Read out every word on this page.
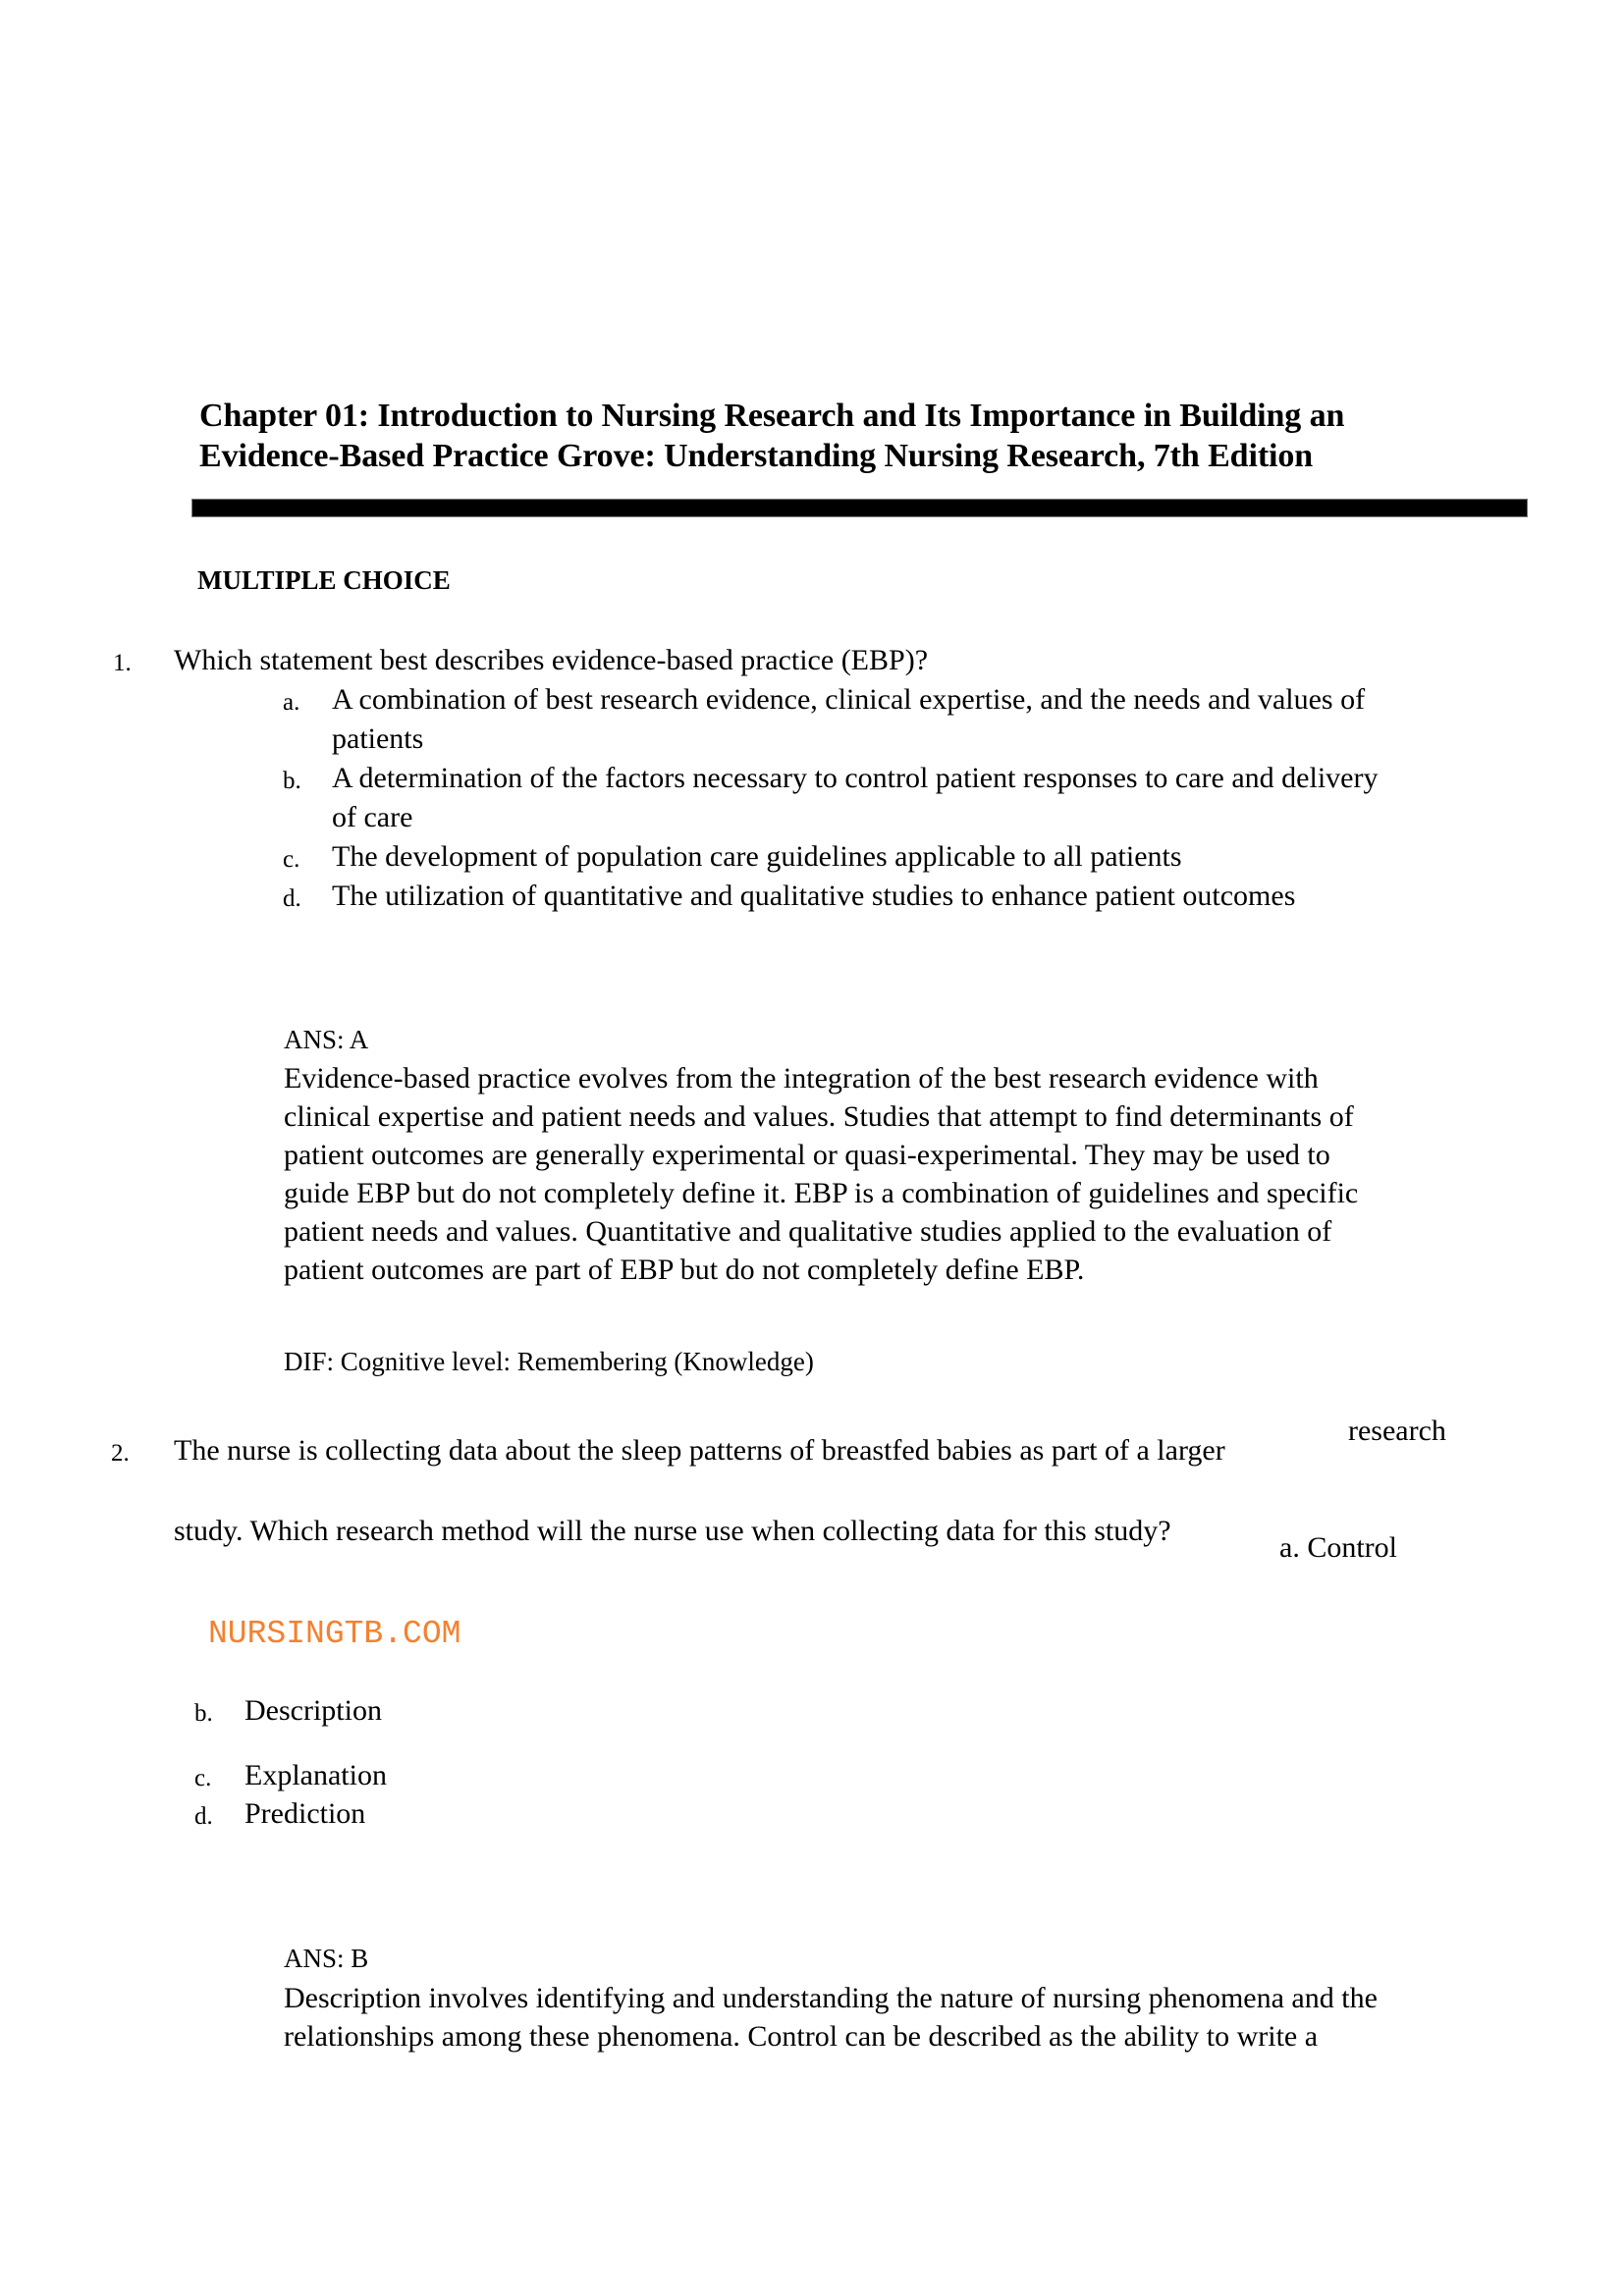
Chapter 01: Introduction to Nursing Research and Its Importance in Building an
Evidence-Based Practice Grove: Understanding Nursing Research, 7th Edition
MULTIPLE CHOICE
1. Which statement best describes evidence-based practice (EBP)?
a. A combination of best research evidence, clinical expertise, and the needs and values of
patients
b. A determination of the factors necessary to control patient responses to care and delivery
of care
c. The development of population care guidelines applicable to all patients
d. The utilization of quantitative and qualitative studies to enhance patient outcomes
ANS: A
Evidence-based practice evolves from the integration of the best research evidence with
clinical expertise and patient needs and values. Studies that attempt to find determinants of
patient outcomes are generally experimental or quasi-experimental. They may be used to
guide EBP but do not completely define it. EBP is a combination of guidelines and specific
patient needs and values. Quantitative and qualitative studies applied to the evaluation of
patient outcomes are part of EBP but do not completely define EBP.
DIF: Cognitive level: Remembering (Knowledge)
2. The nurse is collecting data about the sleep patterns of breastfed babies as part of a larger
research
study. Which research method will the nurse use when collecting data for this study?
a. Control
NURSINGTB.COM
b. Description
c. Explanation
d. Prediction
ANS: B
Description involves identifying and understanding the nature of nursing phenomena and the
relationships among these phenomena. Control can be described as the ability to write a
